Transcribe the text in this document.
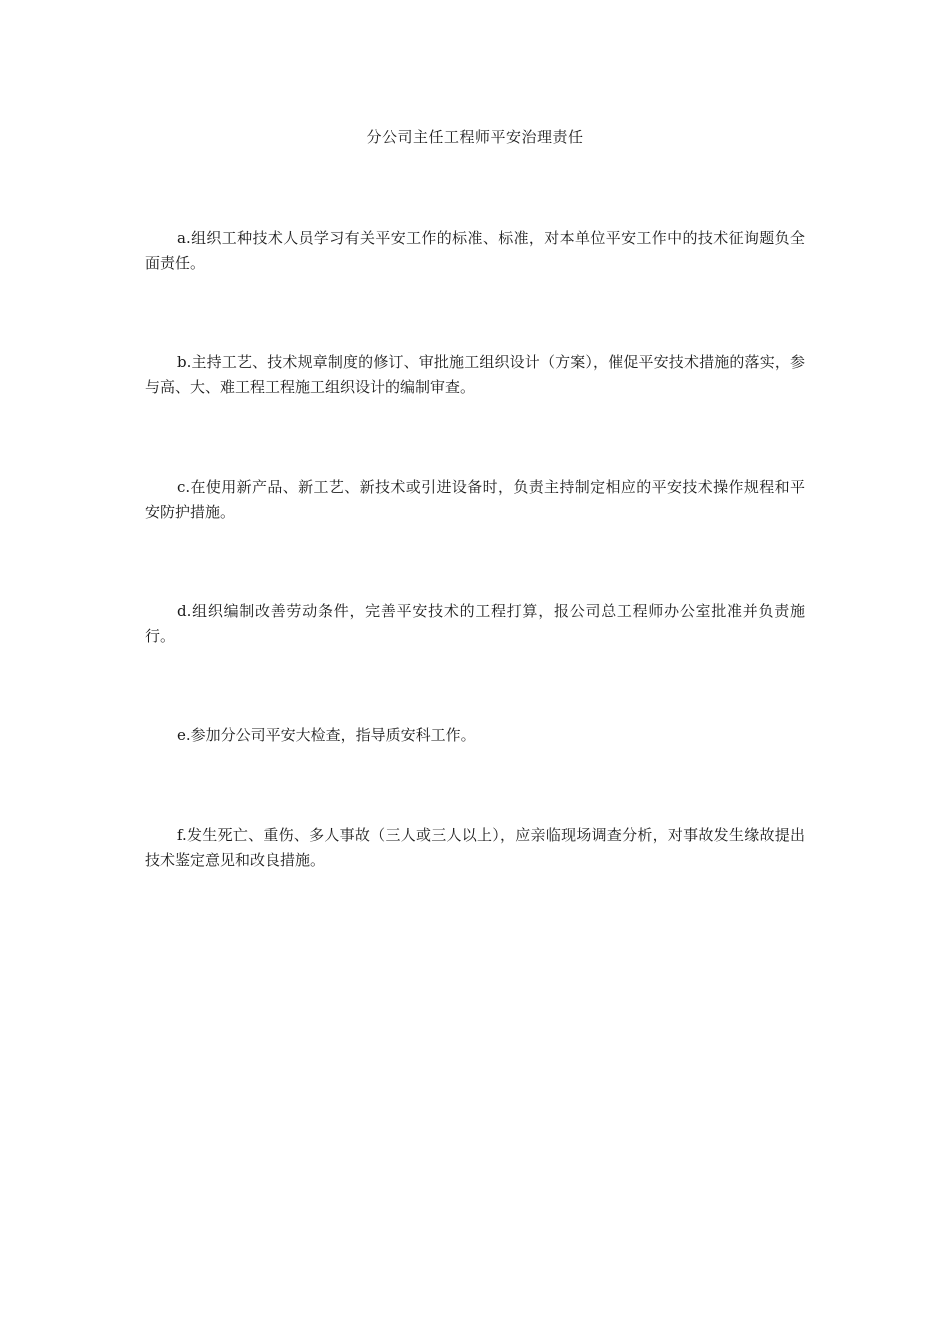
分公司主任工程师平安治理责任

a.组织工种技术人员学习有关平安工作的标准、标准，对本单位平安工作中的技术征询题负全面责任。

b.主持工艺、技术规章制度的修订、审批施工组织设计（方案），催促平安技术措施的落实，参与高、大、难工程工程施工组织设计的编制审查。

c.在使用新产品、新工艺、新技术或引进设备时，负责主持制定相应的平安技术操作规程和平安防护措施。

d.组织编制改善劳动条件，完善平安技术的工程打算，报公司总工程师办公室批准并负责施行。

e.参加分公司平安大检查，指导质安科工作。

f.发生死亡、重伤、多人事故（三人或三人以上），应亲临现场调查分析，对事故发生缘故提出技术鉴定意见和改良措施。
